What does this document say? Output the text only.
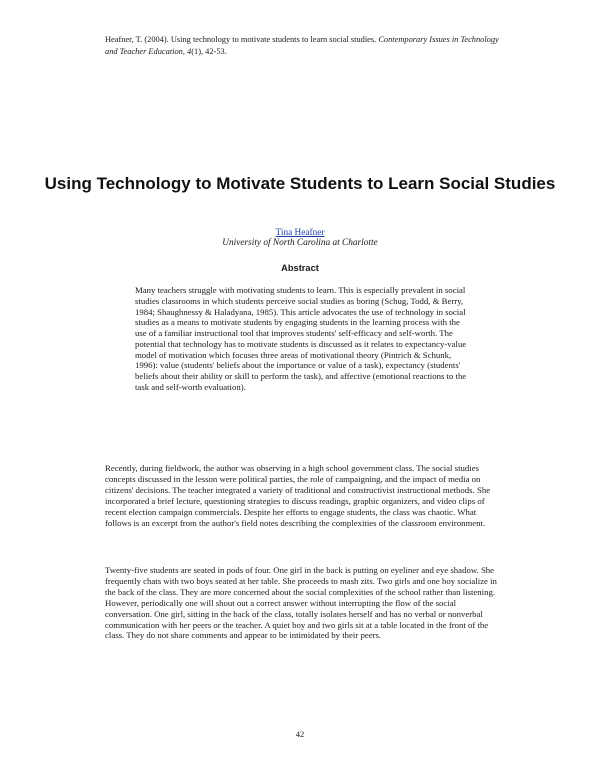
Heafner, T. (2004). Using technology to motivate students to learn social studies. Contemporary Issues in Technology and Teacher Education, 4(1), 42-53.
Using Technology to Motivate Students to Learn Social Studies
Tina Heafner
University of North Carolina at Charlotte
Abstract
Many teachers struggle with motivating students to learn. This is especially prevalent in social studies classrooms in which students perceive social studies as boring (Schug, Todd, & Berry, 1984; Shaughnessy & Haladyana, 1985). This article advocates the use of technology in social studies as a means to motivate students by engaging students in the learning process with the use of a familiar instructional tool that improves students' self-efficacy and self-worth. The potential that technology has to motivate students is discussed as it relates to expectancy-value model of motivation which focuses three areas of motivational theory (Pintrich & Schunk, 1996): value (students' beliefs about the importance or value of a task), expectancy (students' beliefs about their ability or skill to perform the task), and affective (emotional reactions to the task and self-worth evaluation).
Recently, during fieldwork, the author was observing in a high school government class. The social studies concepts discussed in the lesson were political parties, the role of campaigning, and the impact of media on citizens' decisions. The teacher integrated a variety of traditional and constructivist instructional methods. She incorporated a brief lecture, questioning strategies to discuss readings, graphic organizers, and video clips of recent election campaign commercials. Despite her efforts to engage students, the class was chaotic. What follows is an excerpt from the author's field notes describing the complexities of the classroom environment.
Twenty-five students are seated in pods of four. One girl in the back is putting on eyeliner and eye shadow. She frequently chats with two boys seated at her table. She proceeds to mash zits. Two girls and one boy socialize in the back of the class. They are more concerned about the social complexities of the school rather than listening. However, periodically one will shout out a correct answer without interrupting the flow of the social conversation. One girl, sitting in the back of the class, totally isolates herself and has no verbal or nonverbal communication with her peers or the teacher. A quiet boy and two girls sit at a table located in the front of the class. They do not share comments and appear to be intimidated by their peers.
42
